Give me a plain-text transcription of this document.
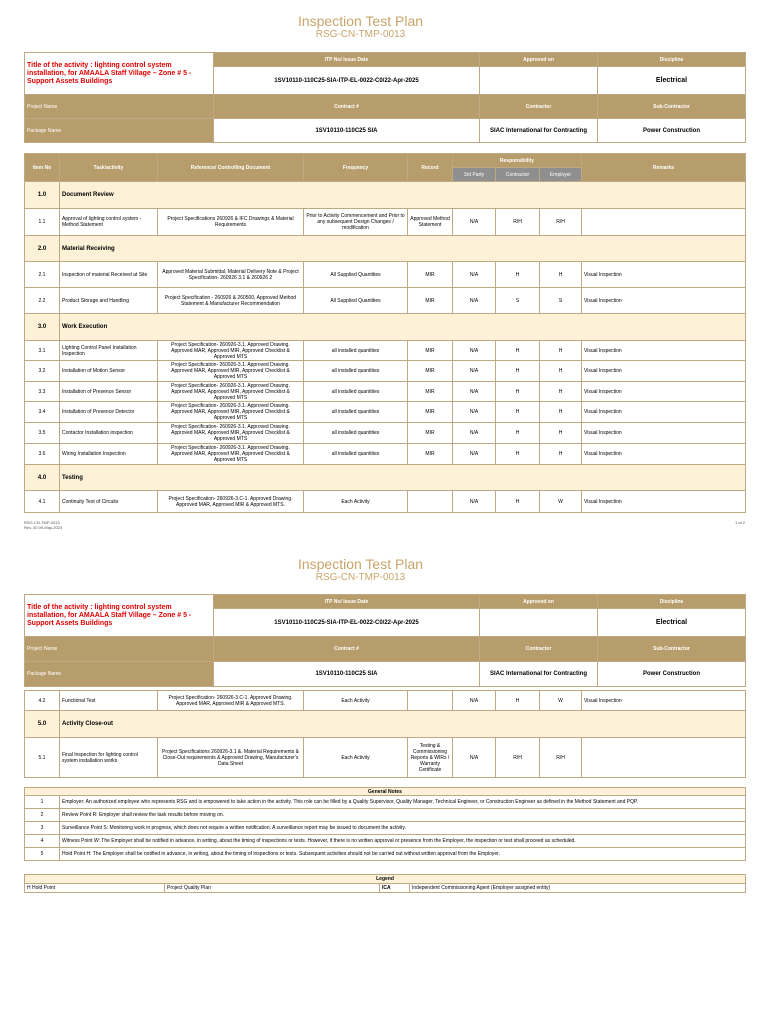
Inspection Test Plan
RSG-CN-TMP-0013
Title of the activity : lighting control system installation, for AMAALA Staff Village – Zone # 5 - Support Assets Buildings	ITP No/ Issue Date	Approved on	Discipline
	1SV10110-110C25-SIA-ITP-EL-0022-C0/22-Apr-2025		Electrical
Project Name	Contract #	Contractor	Sub-Contractor
Package Name	1SV10110-110C25 SIA	SIAC International for Contracting	Power Construction
Item No	Task/activity	Reference/ Controlling Document	Frequency	Record	Responsibility			Remarks
					3rd Party	Contractor	Employer	
1.0	Document Review							
1.1	Approval of lighting control system - Method Statement	Project Specifications 260926 & IFC Drawings & Material Requirements	Prior to Activity Commencement and Prior to any subsequent Design Changes / modification	Approved Method Statement	N/A	R/H	R/H	
2.0	Material Receiving							
2.1	Inspection of material Received at Site	Approved Material Submittal, Material Delivery Note & Project Specification- 260926 3.1 & 260926 2	All Supplied Quantities	MIR	N/A	H	H	Visual Inspection
2.2	Product Storage and Handling	Project Specification - 260926 & 260500, Approved Method Statement & Manufacturer Recommendation	All Supplied Quantities	MIR	N/A	S	S	Visual Inspection
3.0	Work Execution							
3.1	Lighting Control Panel Installation Inspection	Project Specification- 260926-3.1. Approved Drawing. Approved MAR, Approved MIR, Approved Checklist & Approved MTS	all installed quantities	MIR	N/A	H	H	Visual Inspection
3.2	Installation of Motion Sensor	Project Specification- 260926-3.1. Approved Drawing. Approved MAR, Approved MIR, Approved Checklist & Approved MTS	all installed quantities	MIR	N/A	H	H	Visual Inspection
3.3	Installation of Presence Sensor	Project Specification- 260926-3.1. Approved Drawing. Approved MAR, Approved MIR, Approved Checklist & Approved MTS	all installed quantities	MIR	N/A	H	H	Visual Inspection
3.4	Installation of Presence Detector	Project Specification- 260926-3.1. Approved Drawing. Approved MAR, Approved MIR, Approved Checklist & Approved MTS	all installed quantities	MIR	N/A	H	H	Visual Inspection
3.5	Contactor Installation inspection	Project Specification- 260926-3.1. Approved Drawing. Approved MAR, Approved MIR, Approved Checklist & Approved MTS	all installed quantities	MIR	N/A	H	H	Visual Inspection
3.6	Wiring Installation Inspection	Project Specification- 260926-3.1. Approved Drawing. Approved MAR, Approved MIR, Approved Checklist & Approved MTS	all installed quantities	MIR	N/A	H	H	Visual Inspection
4.0	Testing							
4.1	Continuity Test of Circuits	Project Specification- 260926-3.C-1. Approved Drawing. Approved MAR, Approved MIR & Approved MTS.	Each Activity		N/A	H	W	Visual Inspection
RSG-CN-TMP-0013
Rev. 00 09-May-2023
1 of 2
Inspection Test Plan
RSG-CN-TMP-0013
Title of the activity : lighting control system installation, for AMAALA Staff Village – Zone # 5 - Support Assets Buildings	ITP No/ Issue Date	Approved on	Discipline
	1SV10110-110C25-SIA-ITP-EL-0022-C0/22-Apr-2025		Electrical
Project Name	Contract #	Contractor	Sub-Contractor
Package Name	1SV10110-110C25 SIA	SIAC International for Contracting	Power Construction
4.2	Functional Test	Project Specification- 260926-3.C-1. Approved Drawing. Approved MAR, Approved MIR & Approved MTS.	Each Activity		N/A	H	W	Visual Inspection
5.0	Activity Close-out							
5.1	Final Inspection for lighting control system installation works	Project Specifications 260926-3.1 &. Material Requirements & Close-Out requirements & Approved Drawing, Manufacturer's Data Sheet	Each Activity	Testing & Commissioning Reports & WIRs / Warranty Certificate	N/A	R/H	R/H	
General Notes	
1	Employer: An authorized employee who represents RSG and is empowered to take action in the activity. This role can be filled by a Quality Supervisor, Quality Manager, Technical Engineer, or Construction Engineer as defined in the Method Statement and PQP.
2	Review Point R: Employer shall review the task results before moving on.
3	Surveillance Point S: Monitoring work in progress, which does not require a written notification. A surveillance report may be issued to document the activity.
4	Witness Point W: The Employer shall be notified in advance, in writing, about the timing of inspections or tests. However, if there is no written approval or presence from the Employer, the inspection or test shall proceed as scheduled.
5	Hold Point H: The Employer shall be notified in advance, in writing, about the timing of inspections or tests. Subsequent activities should not be carried out without written approval from the Employer.
Legend
H Hold Point	Project Quality Plan	ICA	Independent Commissioning Agent (Employer assigned entity)
